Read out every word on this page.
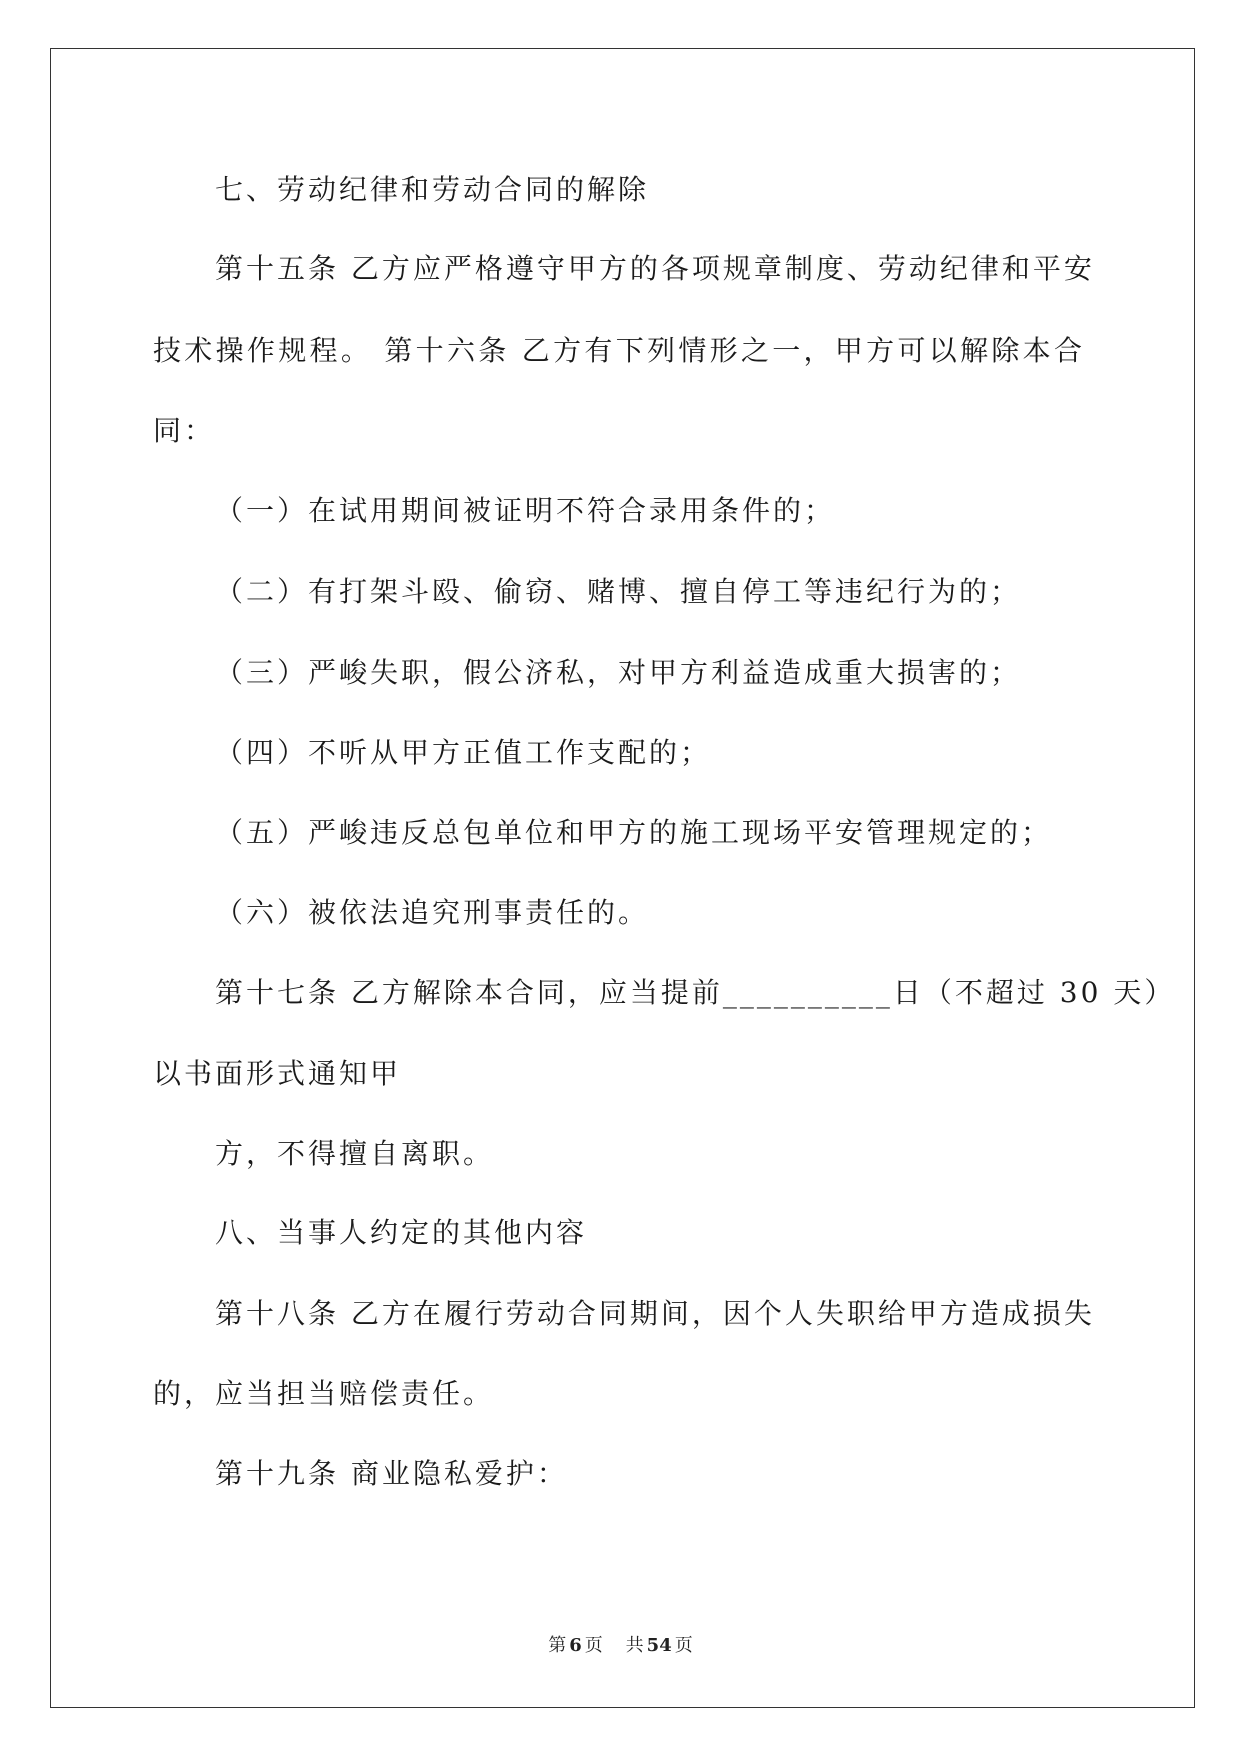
七、劳动纪律和劳动合同的解除
第十五条 乙方应严格遵守甲方的各项规章制度、劳动纪律和平安
技术操作规程。 第十六条 乙方有下列情形之一，甲方可以解除本合
同：
（一）在试用期间被证明不符合录用条件的；
（二）有打架斗殴、偷窃、赌博、擅自停工等违纪行为的；
（三）严峻失职，假公济私，对甲方利益造成重大损害的；
（四）不听从甲方正值工作支配的；
（五）严峻违反总包单位和甲方的施工现场平安管理规定的；
（六）被依法追究刑事责任的。
第十七条 乙方解除本合同，应当提前__________日（不超过 30 天）
以书面形式通知甲
方，不得擅自离职。
八、当事人约定的其他内容
第十八条 乙方在履行劳动合同期间，因个人失职给甲方造成损失
的，应当担当赔偿责任。
第十九条 商业隐私爱护：
第 6 页 共 54 页
